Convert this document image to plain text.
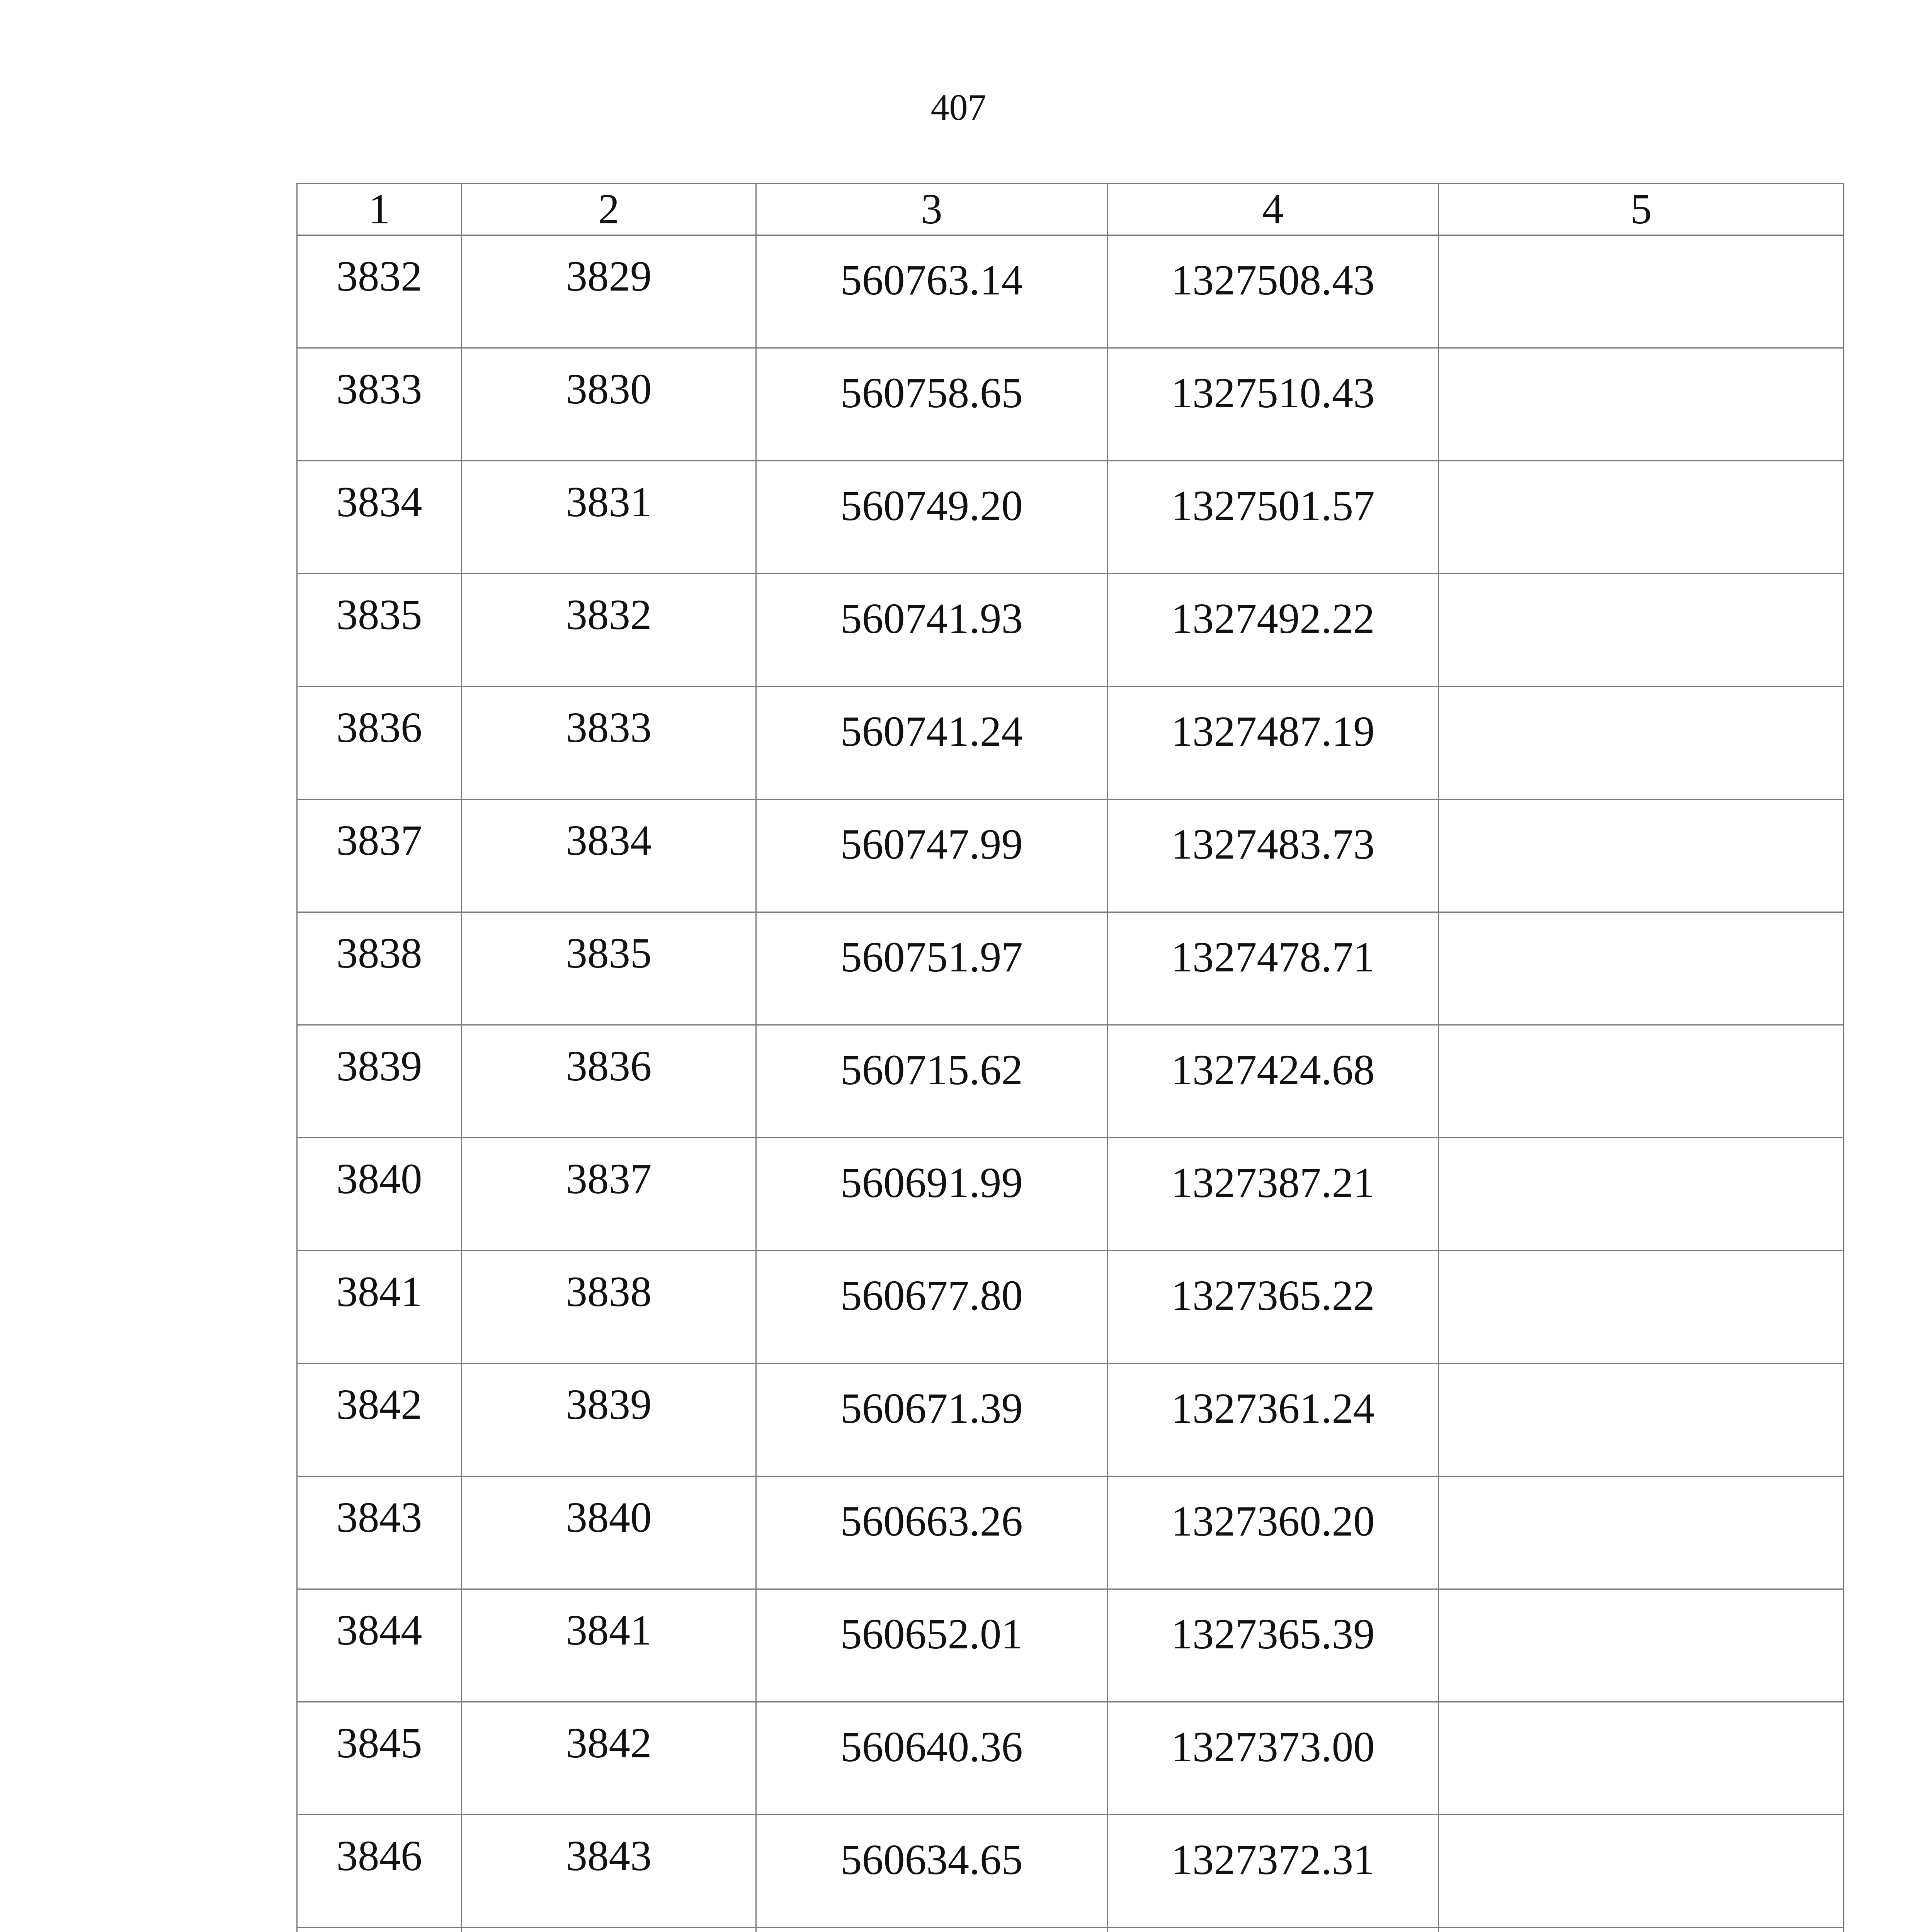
407
1	2	3	4	5
3832	3829	560763.14	1327508.43	
3833	3830	560758.65	1327510.43	
3834	3831	560749.20	1327501.57	
3835	3832	560741.93	1327492.22	
3836	3833	560741.24	1327487.19	
3837	3834	560747.99	1327483.73	
3838	3835	560751.97	1327478.71	
3839	3836	560715.62	1327424.68	
3840	3837	560691.99	1327387.21	
3841	3838	560677.80	1327365.22	
3842	3839	560671.39	1327361.24	
3843	3840	560663.26	1327360.20	
3844	3841	560652.01	1327365.39	
3845	3842	560640.36	1327373.00	
3846	3843	560634.65	1327372.31	
